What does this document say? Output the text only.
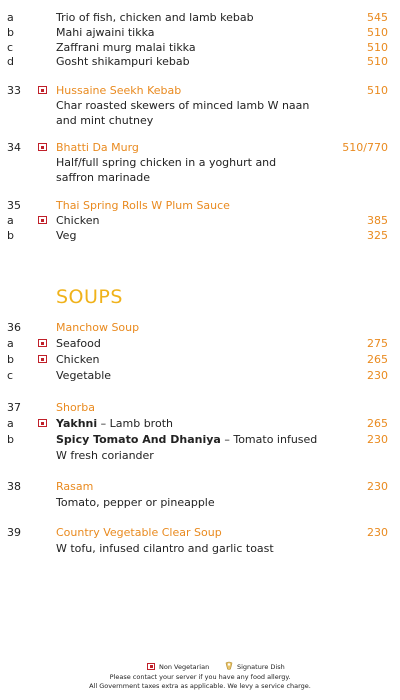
a	Trio of fish, chicken and lamb kebab	545
b	Mahi ajwaini tikka	510
c	Zaffrani murg malai tikka	510
d	Gosht shikampuri kebab	510
33	Hussaine Seekh Kebab	510
Char roasted skewers of minced lamb W naan
and mint chutney
34	Bhatti Da Murg	510/770
Half/full spring chicken in a yoghurt and
saffron marinade
35	Thai Spring Rolls W Plum Sauce
a	Chicken	385
b	Veg	325
SOUPS
36	Manchow Soup
a	Seafood	275
b	Chicken	265
c	Vegetable	230
37	Shorba
a	Yakhni – Lamb broth	265
b	Spicy Tomato And Dhaniya – Tomato infused	230
W fresh coriander
38	Rasam	230
Tomato, pepper or pineapple
39	Country Vegetable Clear Soup	230
W tofu, infused cilantro and garlic toast
Non Vegetarian	Signature Dish
Please contact your server if you have any food allergy.
All Government taxes extra as applicable. We levy a service charge.
